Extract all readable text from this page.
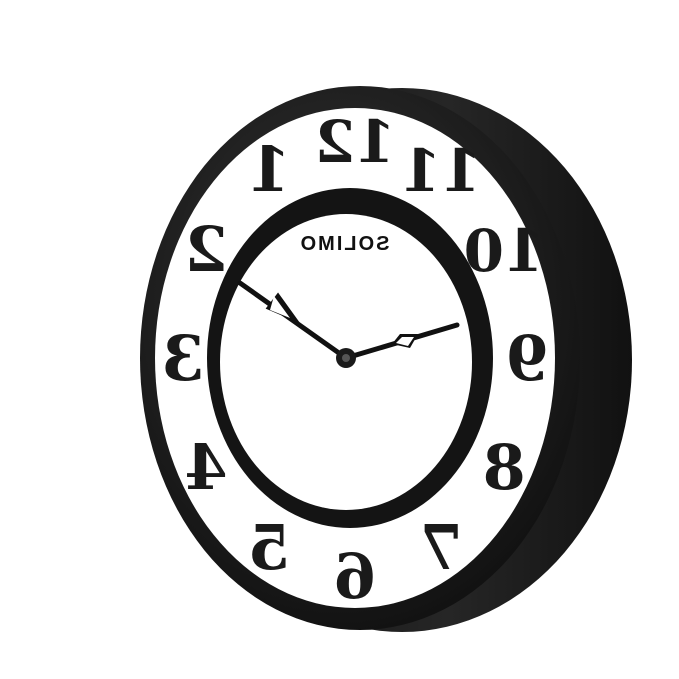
12
1
2
3
4
5 6 7
8
9
10
11
SOLIMO
